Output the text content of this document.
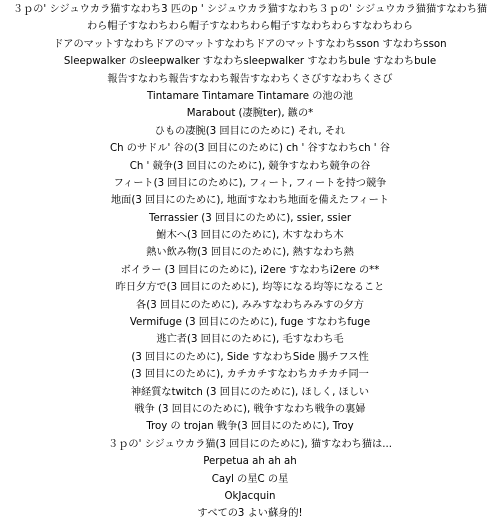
３ｐの' シジュウカラ猫すなわち3 匹のp ' シジュウカラ猫すなわち３ｐの' シジュウカラ猫猫すなわち猫
わら帽子すなわちわら帽子すなわちわら帽子すなわちわらすなわちわら
ドアのマットすなわちドアのマットすなわちドアのマットすなわちsson すなわちsson
Sleepwalker のsleepwalker すなわちsleepwalker すなわちbule すなわちbule
報告すなわち報告すなわち報告すなわちくさびすなわちくさび
Tintamare Tintamare Tintamare の池の池
Marabout (凄腕ter), 鏃の*
ひもの凄腕(3 回目にのために) それ, それ
Ch のサドル' 谷の(3 回目にのために) ch ' 谷すなわちch ' 谷
Ch ' 競争(3 回目にのために), 競争すなわち競争の谷
フィート(3 回目にのために), フィート, フィートを持つ競争
地面(3 回目にのために), 地面すなわち地面を備えたフィート
Terrassier (3 回目にのために), ssier, ssier
鮒木へ(3 回目にのために), 木すなわち木
熱い飲み物(3 回目にのために), 熱すなわち熱
ボイラー (3 回目にのために), i2ere すなわちi2ere の**
昨日夕方で(3 回目にのために), 均等になる均等になること
各(3 回目にのために), みみすなわちみみすの夕方
Vermifuge (3 回目にのために), fuge すなわちfuge
逃亡者(3 回目にのために), 毛すなわち毛
(3 回目にのために), Side すなわちSide 腸チフス性
(3 回目にのために), カチカチすなわちカチカチ同一
神経質なtwitch (3 回目にのために), ほしく, ほしい
戦争 (3 回目にのために), 戦争すなわち戦争の裏婦
Troy の trojan 戦争(3 回目にのために), Troy
３ｐの' シジュウカラ猫(3 回目にのために), 猫すなわち猫は...
Perpetua ah ah ah
Cayl の星C の星
OkJacquin
すべての3 よい蘇身的!
